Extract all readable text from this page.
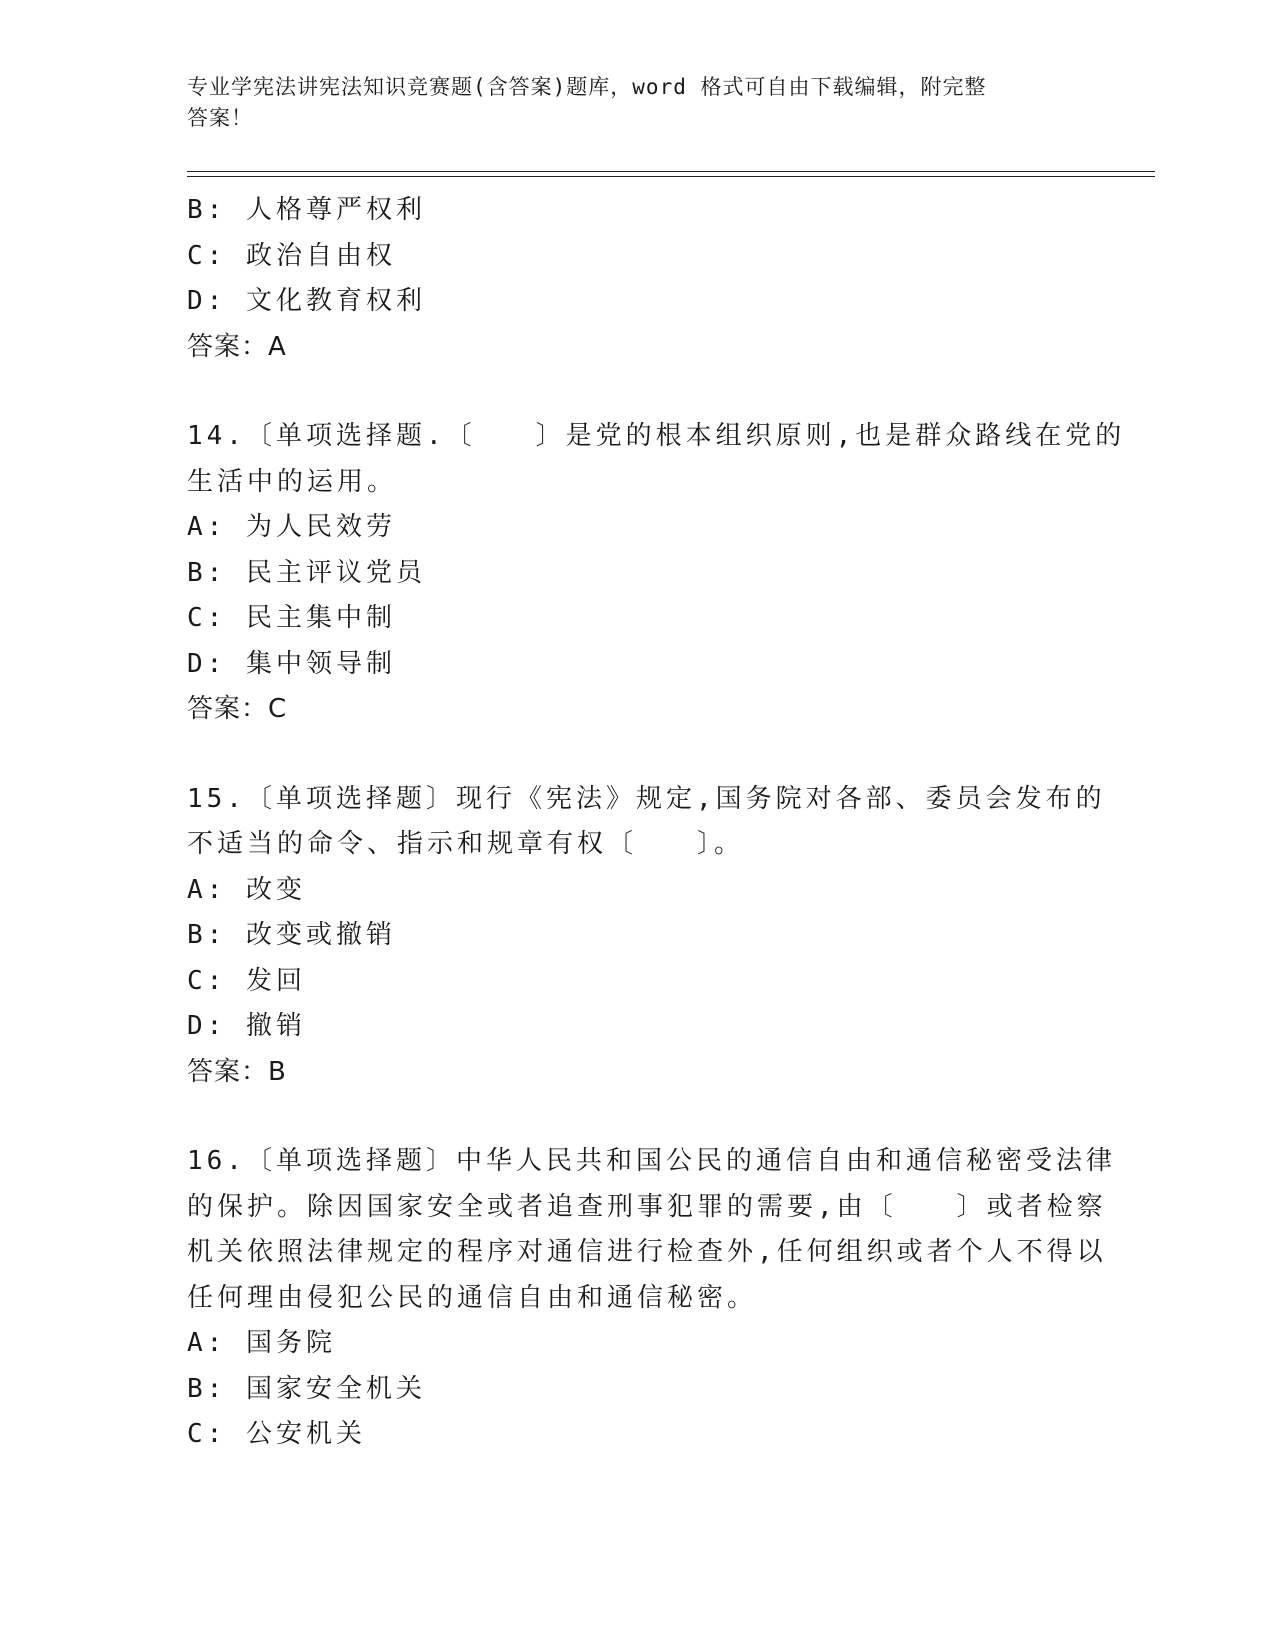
专业学宪法讲宪法知识竞赛题(含答案)题库，word 格式可自由下载编辑，附完整
答案！
B: 人格尊严权利
C: 政治自由权
D: 文化教育权利
答案：A
14.〔单项选择题.〔　　〕是党的根本组织原则,也是群众路线在党的
生活中的运用。
A: 为人民效劳
B: 民主评议党员
C: 民主集中制
D: 集中领导制
答案：C
15.〔单项选择题〕现行《宪法》规定,国务院对各部、委员会发布的
不适当的命令、指示和规章有权〔　　〕。
A: 改变
B: 改变或撤销
C: 发回
D: 撤销
答案：B
16.〔单项选择题〕中华人民共和国公民的通信自由和通信秘密受法律
的保护。除因国家安全或者追查刑事犯罪的需要,由〔　　〕或者检察
机关依照法律规定的程序对通信进行检查外,任何组织或者个人不得以
任何理由侵犯公民的通信自由和通信秘密。
A: 国务院
B: 国家安全机关
C: 公安机关
